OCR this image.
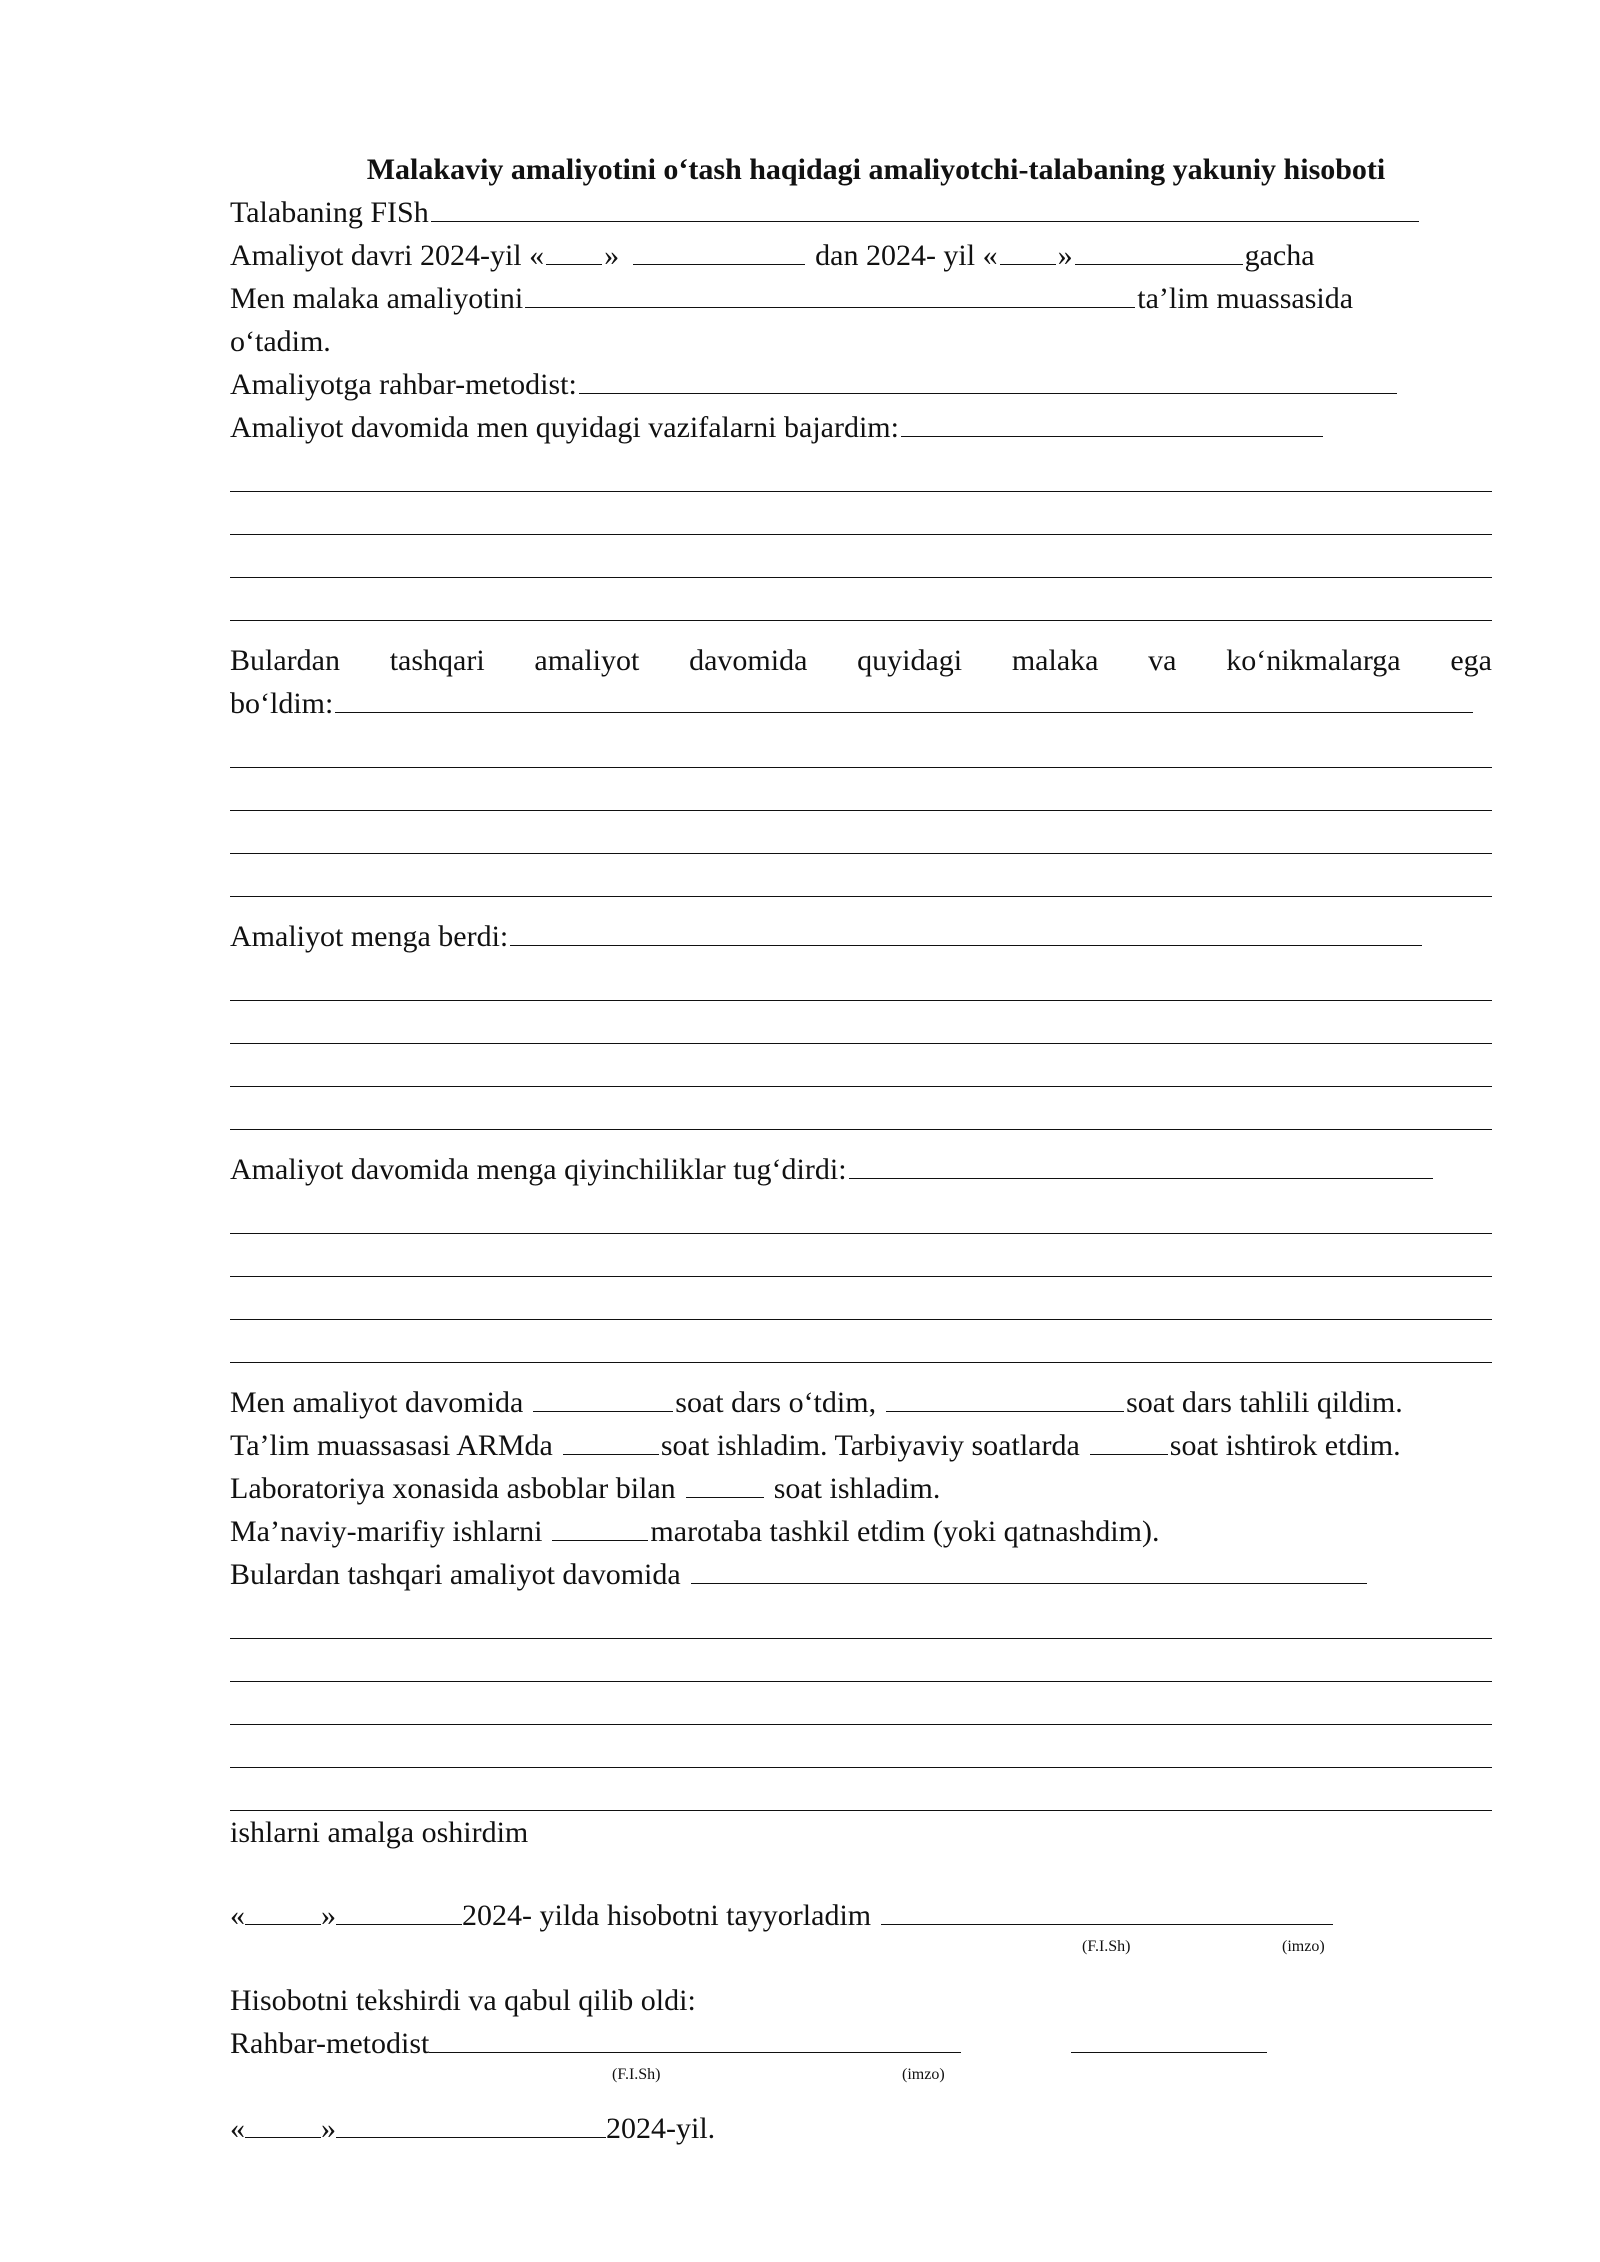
Malakaviy amaliyotini o‘tash haqidagi amaliyotchi-talabaning yakuniy hisoboti
Talabaning FISh
Amaliyot davri 2024-yil « »	dan 2024- yil « »	gacha
Men malaka amaliyotini	ta’lim muassasida
o‘tadim.
Amaliyotga rahbar-metodist:
Amaliyot davomida men quyidagi vazifalarni bajardim:
Bulardan tashqari amaliyot davomida quyidagi malaka va ko‘nikmalarga ega
bo‘ldim:
Amaliyot menga berdi:
Amaliyot davomida menga qiyinchiliklar tug‘dirdi:
Men amaliyot davomida	soat dars o‘tdim,	soat dars tahlili qildim.
Ta’lim muassasasi ARMda	soat ishladim. Tarbiyaviy soatlarda	soat ishtirok etdim.
Laboratoriya xonasida asboblar bilan	soat ishladim.
Ma’naviy-marifiy ishlarni	marotaba tashkil etdim (yoki qatnashdim).
Bulardan tashqari amaliyot davomida
ishlarni amalga oshirdim
«	»	2024- yilda hisobotni tayyorladim
(F.I.Sh)	(imzo)
Hisobotni tekshirdi va qabul qilib oldi:
Rahbar-metodist
(F.I.Sh)	(imzo)
«	»	2024-yil.
